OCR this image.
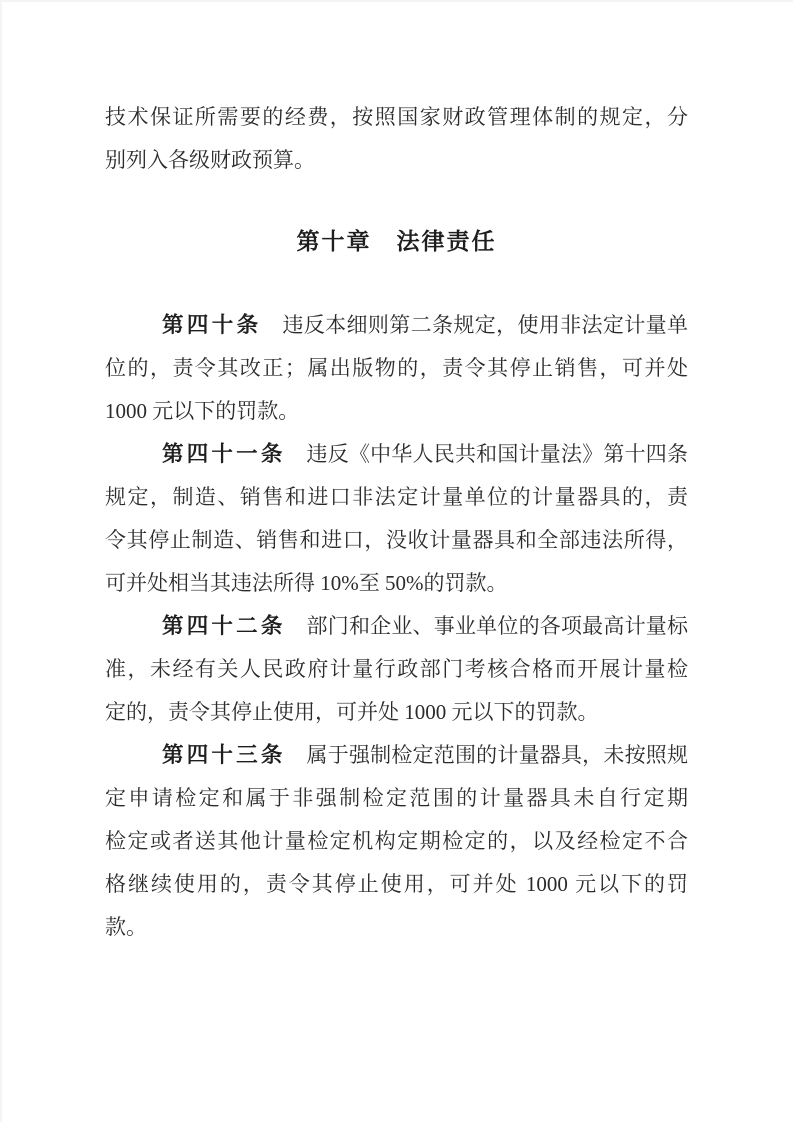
技术保证所需要的经费，按照国家财政管理体制的规定，分
别列入各级财政预算。
第十章　法律责任
第四十条 违反本细则第二条规定，使用非法定计量单
位的，责令其改正；属出版物的，责令其停止销售，可并处
1000 元以下的罚款。
第四十一条 违反《中华人民共和国计量法》第十四条
规定，制造、销售和进口非法定计量单位的计量器具的，责
令其停止制造、销售和进口，没收计量器具和全部违法所得，
可并处相当其违法所得 10%至 50%的罚款。
第四十二条 部门和企业、事业单位的各项最高计量标
准，未经有关人民政府计量行政部门考核合格而开展计量检
定的，责令其停止使用，可并处 1000 元以下的罚款。
第四十三条 属于强制检定范围的计量器具，未按照规
定申请检定和属于非强制检定范围的计量器具未自行定期
检定或者送其他计量检定机构定期检定的，以及经检定不合
格继续使用的，责令其停止使用，可并处 1000 元以下的罚
款。
